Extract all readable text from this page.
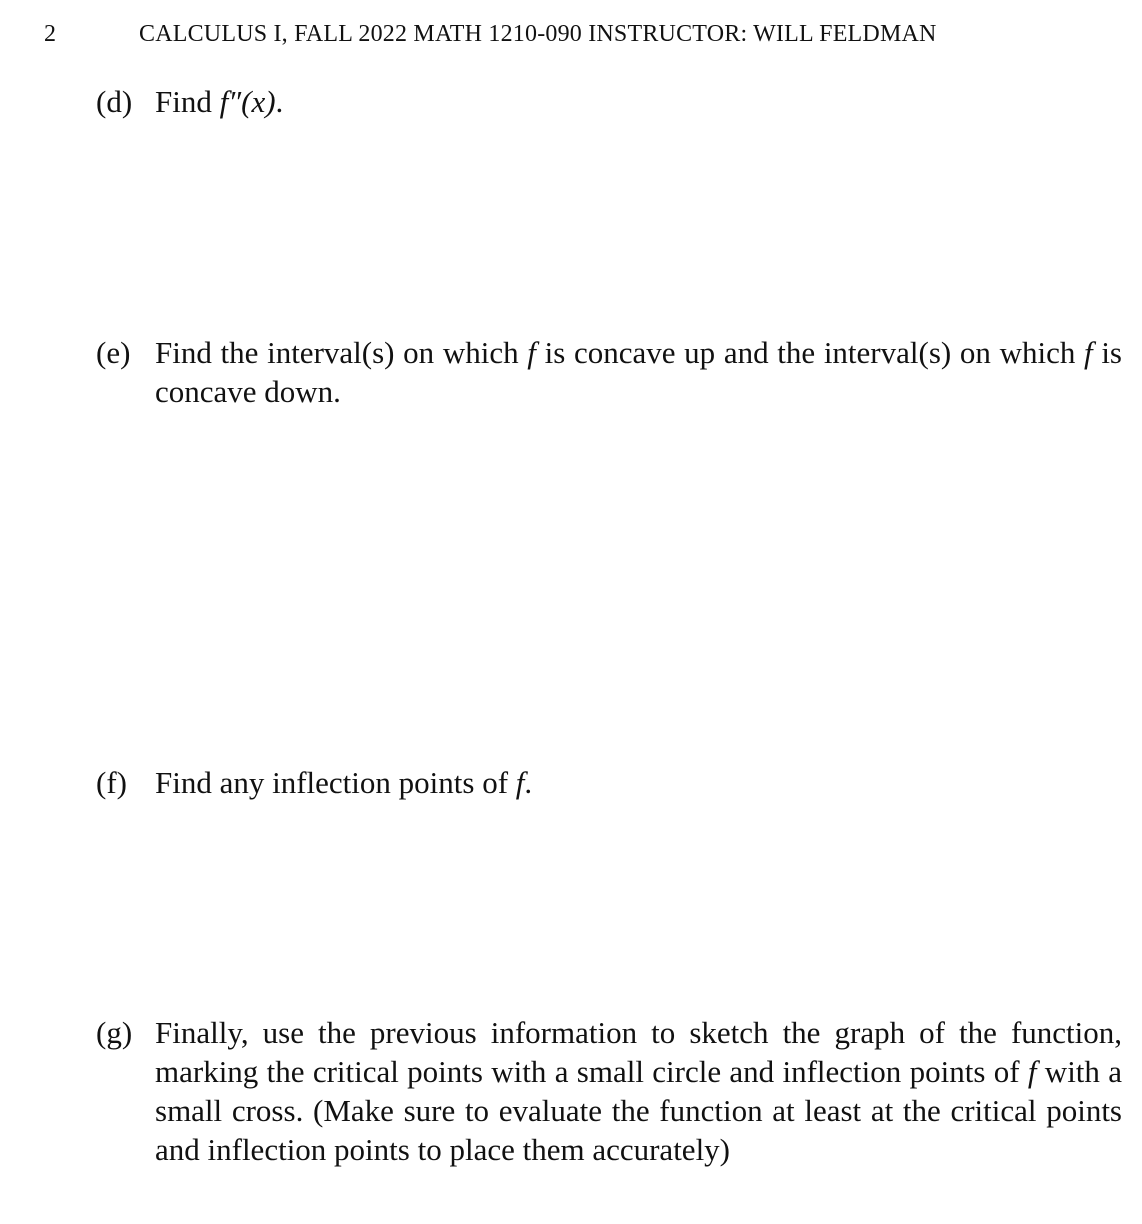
2	CALCULUS I, FALL 2022 MATH 1210-090 INSTRUCTOR: WILL FELDMAN
(d) Find f″(x).
(e) Find the interval(s) on which f is concave up and the interval(s) on which f is concave down.
(f) Find any inflection points of f.
(g) Finally, use the previous information to sketch the graph of the function, marking the critical points with a small circle and inflection points of f with a small cross. (Make sure to evaluate the function at least at the critical points and inflection points to place them accurately)
